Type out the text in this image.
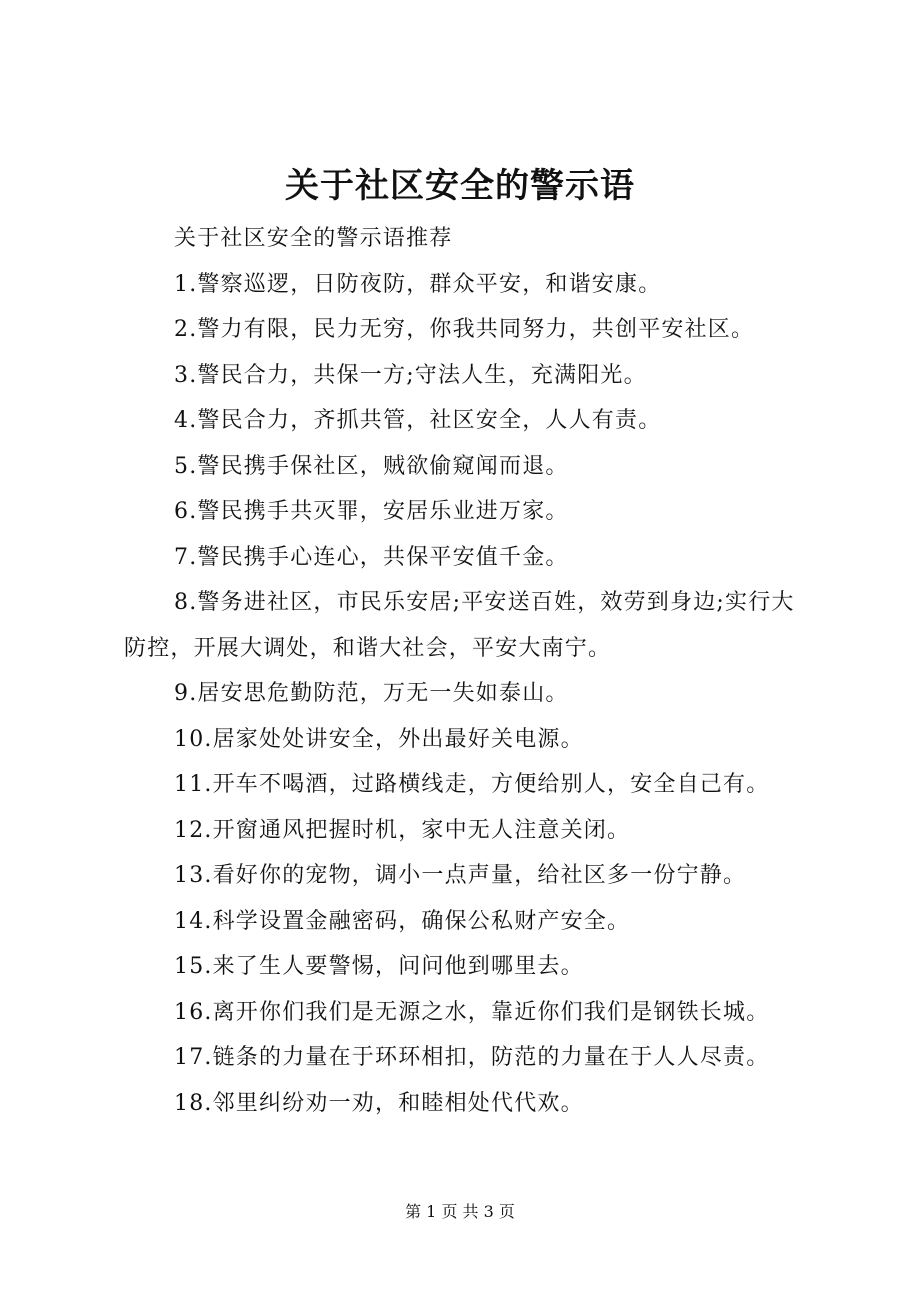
关于社区安全的警示语

关于社区安全的警示语推荐

1.警察巡逻，日防夜防，群众平安，和谐安康。

2.警力有限，民力无穷，你我共同努力，共创平安社区。

3.警民合力，共保一方;守法人生，充满阳光。

4.警民合力，齐抓共管，社区安全，人人有责。

5.警民携手保社区，贼欲偷窥闻而退。

6.警民携手共灭罪，安居乐业进万家。

7.警民携手心连心，共保平安值千金。

8.警务进社区，市民乐安居;平安送百姓，效劳到身边;实行大防控，开展大调处，和谐大社会，平安大南宁。

9.居安思危勤防范，万无一失如泰山。

10.居家处处讲安全，外出最好关电源。

11.开车不喝酒，过路横线走，方便给别人，安全自己有。

12.开窗通风把握时机，家中无人注意关闭。

13.看好你的宠物，调小一点声量，给社区多一份宁静。

14.科学设置金融密码，确保公私财产安全。

15.来了生人要警惕，问问他到哪里去。

16.离开你们我们是无源之水，靠近你们我们是钢铁长城。

17.链条的力量在于环环相扣，防范的力量在于人人尽责。

18.邻里纠纷劝一劝，和睦相处代代欢。

第 1 页 共 3 页
